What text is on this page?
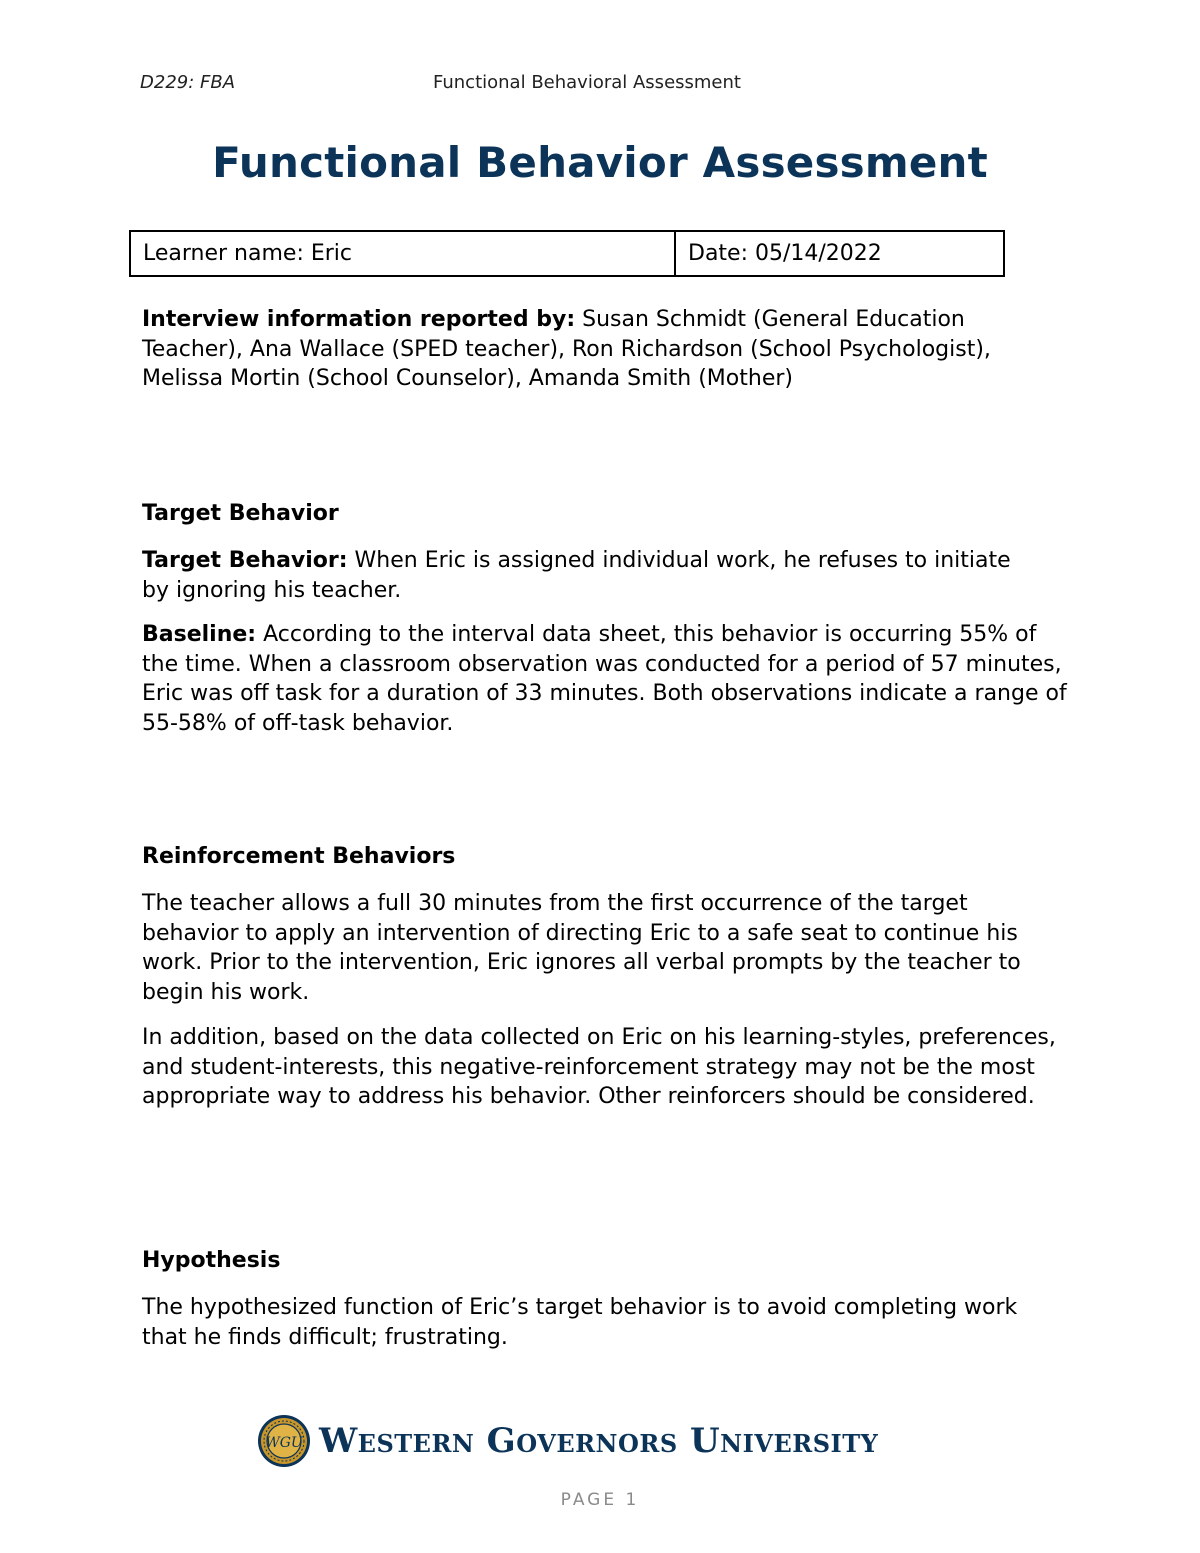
D229: FBA	Functional Behavioral Assessment
Functional Behavior Assessment
Learner name: Eric	Date: 05/14/2022
Interview information reported by: Susan Schmidt (General Education Teacher), Ana Wallace (SPED teacher), Ron Richardson (School Psychologist), Melissa Mortin (School Counselor), Amanda Smith (Mother)
Target Behavior
Target Behavior: When Eric is assigned individual work, he refuses to initiate by ignoring his teacher.
Baseline: According to the interval data sheet, this behavior is occurring 55% of the time. When a classroom observation was conducted for a period of 57 minutes, Eric was off task for a duration of 33 minutes. Both observations indicate a range of 55-58% of off-task behavior.
Reinforcement Behaviors
The teacher allows a full 30 minutes from the first occurrence of the target behavior to apply an intervention of directing Eric to a safe seat to continue his work. Prior to the intervention, Eric ignores all verbal prompts by the teacher to begin his work.
In addition, based on the data collected on Eric on his learning-styles, preferences, and student-interests, this negative-reinforcement strategy may not be the most appropriate way to address his behavior. Other reinforcers should be considered.
Hypothesis
The hypothesized function of Eric’s target behavior is to avoid completing work that he finds difficult; frustrating.
WGU Western Governors University
PAGE 1
